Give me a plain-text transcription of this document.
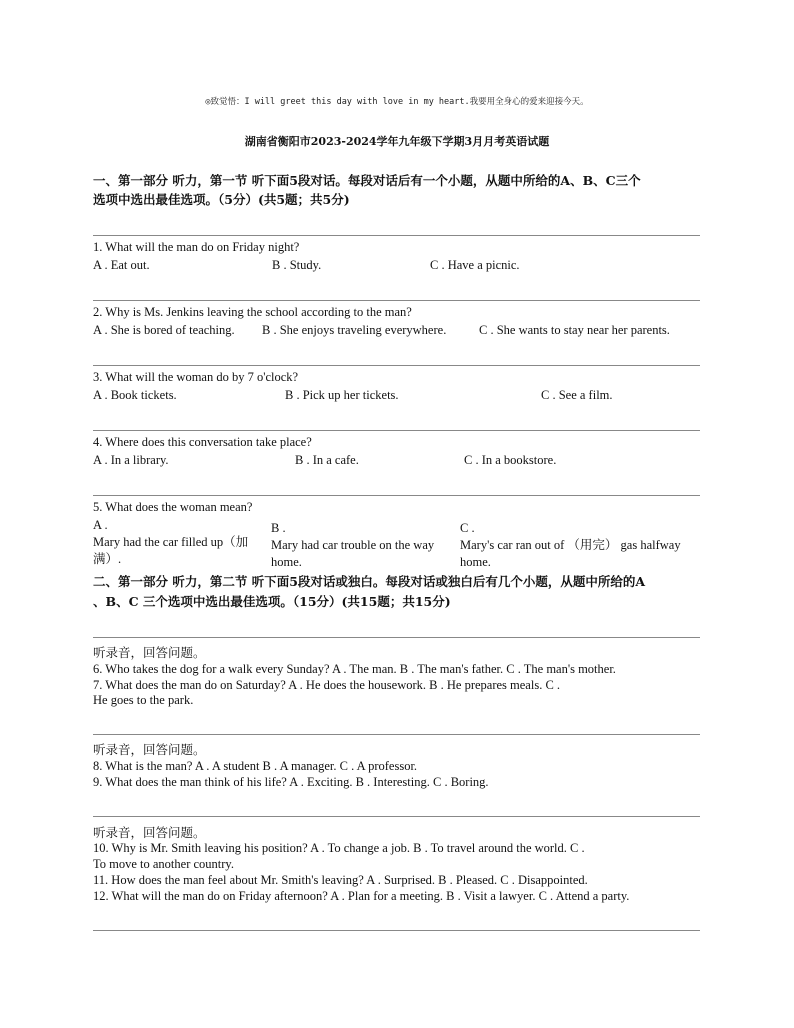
◎致觉悟：I will greet this day with love in my heart.我要用全身心的爱来迎接今天。
湖南省衡阳市2023-2024学年九年级下学期3月月考英语试题
一、第一部分 听力，第一节 听下面5段对话。每段对话后有一个小题，从题中所给的A、B、C三个
选项中选出最佳选项。（5分）(共5题；共5分)
1. What will the man do on Friday night?
A . Eat out.	B . Study.	C . Have a picnic.
2. Why is Ms. Jenkins leaving the school according to the man?
A . She is bored of teaching. B . She enjoys traveling everywhere.	C . She wants to stay near her parents.
3. What will the woman do by 7 o'clock?
A . Book tickets.	B . Pick up her tickets.	C . See a film.
4. Where does this conversation take place?
A . In a library.	B . In a cafe.	C . In a bookstore.
5. What does the woman mean?
A .
Mary had the car filled up（加满）.
B .
Mary had car trouble on the way home.
C .
Mary's car ran out of （用完） gas halfway home.
二、第一部分 听力，第二节 听下面5段对话或独白。每段对话或独白后有几个小题，从题中所给的A
、B、C 三个选项中选出最佳选项。（15分）(共15题；共15分)
听录音，回答问题。
6. Who takes the dog for a walk every Sunday? A . The man. B . The man's father. C . The man's mother.
7. What does the man do on Saturday? A . He does the housework. B . He prepares meals. C .
He goes to the park.
听录音，回答问题。
8. What is the man? A . A student B . A manager. C . A professor.
9. What does the man think of his life? A . Exciting. B . Interesting. C . Boring.
听录音，回答问题。
10. Why is Mr. Smith leaving his position? A . To change a job. B . To travel around the world. C .
To move to another country.
11. How does the man feel about Mr. Smith's leaving? A . Surprised. B . Pleased. C . Disappointed.
12. What will the man do on Friday afternoon? A . Plan for a meeting. B . Visit a lawyer. C . Attend a party.
